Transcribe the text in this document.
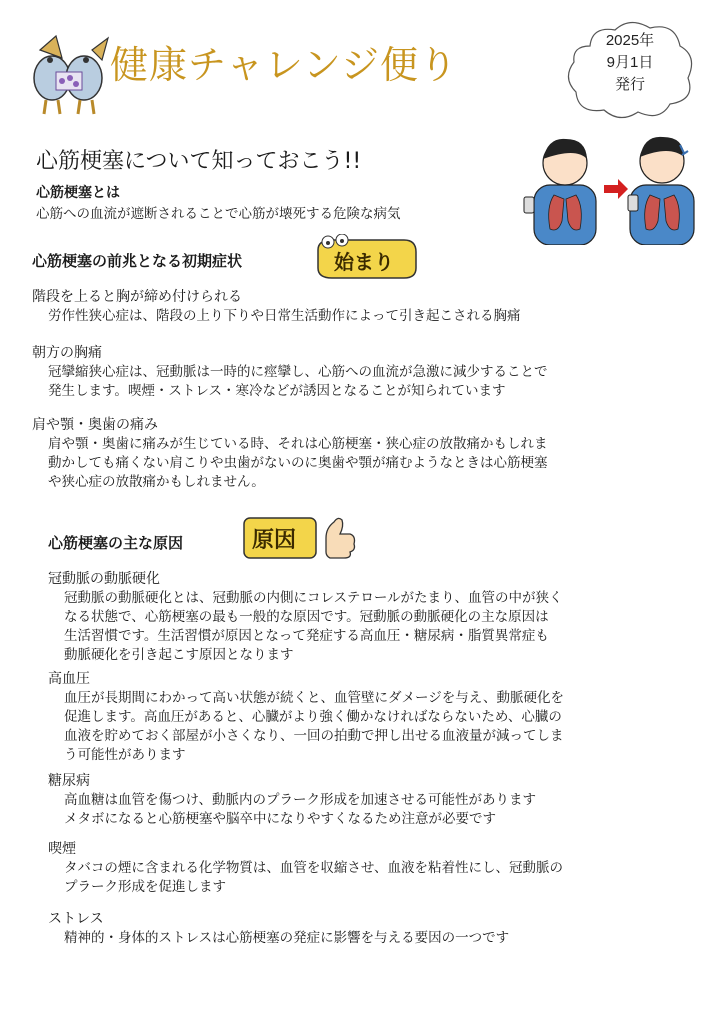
健康チャレンジ便り
2025年
9月1日
発行
心筋梗塞について知っておこう!!
心筋梗塞とは
心筋への血流が遮断されることで心筋が壊死する危険な病気
心筋梗塞の前兆となる初期症状	始まり
階段を上ると胸が締め付けられる
労作性狭心症は、階段の上り下りや日常生活動作によって引き起こされる胸痛
朝方の胸痛
冠攣縮狭心症は、冠動脈は一時的に痙攣し、心筋への血流が急激に減少することで
発生します。喫煙・ストレス・寒冷などが誘因となることが知られています
肩や顎・奥歯の痛み
肩や顎・奥歯に痛みが生じている時、それは心筋梗塞・狭心症の放散痛かもしれま
動かしても痛くない肩こりや虫歯がないのに奥歯や顎が痛むようなときは心筋梗塞
や狭心症の放散痛かもしれません。
心筋梗塞の主な原因	原因
冠動脈の動脈硬化
冠動脈の動脈硬化とは、冠動脈の内側にコレステロールがたまり、血管の中が狭く
なる状態で、心筋梗塞の最も一般的な原因です。冠動脈の動脈硬化の主な原因は
生活習慣です。生活習慣が原因となって発症する高血圧・糖尿病・脂質異常症も
動脈硬化を引き起こす原因となります
高血圧
血圧が長期間にわかって高い状態が続くと、血管壁にダメージを与え、動脈硬化を
促進します。高血圧があると、心臓がより強く働かなければならないため、心臓の
血液を貯めておく部屋が小さくなり、一回の拍動で押し出せる血液量が減ってしま
う可能性があります
糖尿病
高血糖は血管を傷つけ、動脈内のプラーク形成を加速させる可能性があります
メタボになると心筋梗塞や脳卒中になりやすくなるため注意が必要です
喫煙
タバコの煙に含まれる化学物質は、血管を収縮させ、血液を粘着性にし、冠動脈の
プラーク形成を促進します
ストレス
精神的・身体的ストレスは心筋梗塞の発症に影響を与える要因の一つです
